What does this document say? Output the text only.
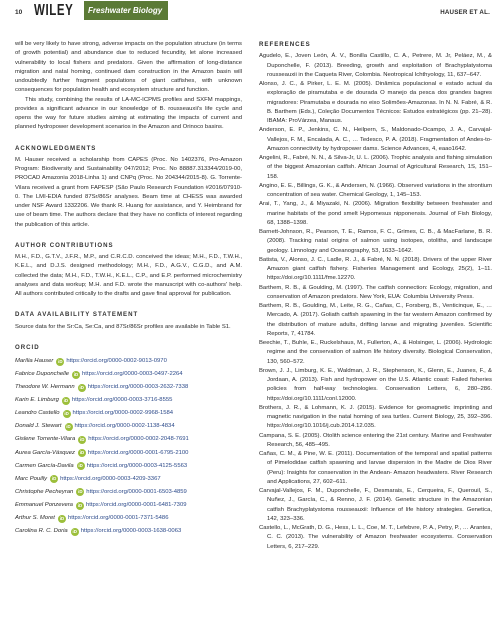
10 WILEY	Freshwater Biology	HAUSER ET AL.

will be very likely to have strong, adverse impacts on the population structure (in terms of growth potential) and abundance due to reduced fecundity, let alone increased vulnerability to local fishers and predators. Given the affirmation of long-distance migration and natal homing, continued dam construction in the Amazon basin will undoubtedly further fragment populations of giant catfishes, with unknown consequences for population health and ecosystem structure and function.

This study, combining the results of LA-MC-ICPMS profiles and SXFM mappings, provides a significant advance in our knowledge of B. rousseauxii's life cycle and opens the way for future studies aiming at estimating the impacts of current and planned hydropower development scenarios in the Amazon and Orinoco basins.

ACKNOWLEDGMENTS

M. Hauser received a scholarship from CAPES (Proc. No 1402376, Pro-Amazon Program: Biodiversity and Sustainability 047/2012; Proc. No 88887.313344/2019-00, PROCAD Amazonia 2018-Linha 1) and CNPq (Proc. No 204344/2015-8). G. Torrente-Vilara received a grant from FAPESP (São Paulo Research Foundation #2016/07910-0. The LMI-EDIA funded 87Sr/86Sr analyses. Beam time at CHESS was awarded under NSF Award 1332206. We thank R. Huang for assistance, and Y. Heimbrand for use of beam time. The authors declare that they have no conflicts of interest regarding the publication of this article.

AUTHOR CONTRIBUTIONS

M.H., F.D., G.T.V., J.F.R., M.P., and C.R.C.D. conceived the ideas; M.H., F.D., T.W.H., K.E.L., and D.J.S. designed methodology; M.H., F.D., A.G.V., C.G.D., and A.M. collected the data; M.H., F.D., T.W.H., K.E.L., C.P., and E.P. performed microchemistry analyses and data workup; M.H. and F.D. wrote the manuscript with co-authors' help. All authors contributed critically to the drafts and gave final approval for publication.

DATA AVAILABILITY STATEMENT

Source data for the Sr:Ca, Se:Ca, and 87Sr/86Sr profiles are available in Table S1.

ORCID
Marília Hauser	iD https://orcid.org/0000-0002-9013-0970
Fabrice Duponchelle	iD https://orcid.org/0000-0003-0497-2264
Theodore W. Hermann	iD https://orcid.org/0000-0003-2632-7338
Karin E. Limburg	iD https://orcid.org/0000-0003-3716-8555
Leandro Castello	iD https://orcid.org/0000-0002-9968-1584
Donald J. Stewart	iD https://orcid.org/0000-0002-1138-4834
Gislene Torrente-Vilara	iD https://orcid.org/0000-0002-2048-7691
Aurea García-Vásquez	iD https://orcid.org/0000-0001-6795-2100
Carmen García-Davila	iD https://orcid.org/0000-0003-4125-5563
Marc Pouilly	iD https://orcid.org/0000-0003-4209-3367
Christophe Pecheyran	iD https://orcid.org/0000-0001-6503-4859
Emmanuel Ponzevera	iD https://orcid.org/0000-0001-6481-7309
Arthur S. Moret	iD https://orcid.org/0000-0001-7371-5486
Carolina R. C. Doria	iD https://orcid.org/0000-0003-1638-0063
REFERENCES

Agudelo, E., Joven León, Á. V., Bonilla Castillo, C. A., Petrere, M. Jr, Peláez, M., & Duponchelle, F. (2013). Breeding, growth and exploitation of Brachyplatystoma rousseauxii in the Caqueta River, Colombia. Neotropical Ichthyology, 11, 637–647.

Alonso, J. C., & Pirker, L. E. M. (2005). Dinâmica populacional e estado actual da exploração de piramutaba e de dourada O manejo da pesca dos grandes bagres migradores: Piramutaba e dourada no eixo Solimões-Amazonas. In N. N. Fabré, & R. B. Barthem (Eds.), Coleção Documentos Técnicos: Estudos estratégicos (pp. 21–28). IBAMA: ProVárzea, Manaus.

Anderson, E. P., Jenkins, C. N., Heilpern, S., Maldonado-Ocampo, J. A., Carvajal-Vallejos, F. M., Encalada, A. C., … Tedesco, P. A. (2018). Fragmentation of Andes-to-Amazon connectivity by hydropower dams. Science Advances, 4, eaao1642.

Angelini, R., Fabré, N. N., & Silva-Jr, U. L. (2006). Trophic analysis and fishing simulation of the biggest Amazonian catfish. African Journal of Agricultural Research, 1S, 151–158.

Angino, E. E., Billings, G. K., & Andersen, N. (1966). Observed variations in the strontium concentration of sea water. Chemical Geology, 1, 145–153.

Arai, T., Yang, J., & Miyazaki, N. (2006). Migration flexibility between freshwater and marine habitats of the pond smelt Hypomesus nipponensis. Journal of Fish Biology, 68, 1388–1398.

Barnett-Johnson, R., Pearson, T. E., Ramos, F. C., Grimes, C. B., & MacFarlane, B. R. (2008). Tracking natal origins of salmon using isotopes, otoliths, and landscape geology. Limnology and Oceanography, 53, 1633–1642.

Batista, V., Alonso, J. C., Ladle, R. J., & Fabré, N. N. (2018). Drivers of the upper River Amazon giant catfish fishery. Fisheries Management and Ecology, 25(2), 1–11. https://doi.org/10.1111/fme.12270.

Barthem, R. B., & Goulding, M. (1997). The catfish connection: Ecology, migration, and conservation of Amazon predators. New York, EUA: Columbia University Press.

Barthem, R. B., Goulding, M., Leite, R. G., Cañas, C., Forsberg, B., Venticinque, E., … Mercado, A. (2017). Goliath catfish spawning in the far western Amazon confirmed by the distribution of mature adults, drifting larvae and migrating juveniles. Scientific Reports, 7, 41784.

Beechie, T., Buhle, E., Ruckelshaus, M., Fullerton, A., & Holsinger, L. (2006). Hydrologic regime and the conservation of salmon life history diversity. Biological Conservation, 130, 560–572.

Brown, J. J., Limburg, K. E., Waldman, J. R., Stephenson, K., Glenn, E., Juanes, F., & Jordaan, A. (2013). Fish and hydropower on the U.S. Atlantic coast: Failed fisheries policies from half-way technologies. Conservation Letters, 6, 280–286. https://doi.org/10.1111/conl.12000.

Brothers, J. R., & Lohmann, K. J. (2015). Evidence for geomagnetic imprinting and magnetic navigation in the natal homing of sea turtles. Current Biology, 25, 392–396. https://doi.org/10.1016/j.cub.2014.12.035.

Campana, S. E. (2005). Otolith science entering the 21st century. Marine and Freshwater Research, 56, 485–495.

Cañas, C. M., & Pine, W. E. (2011). Documentation of the temporal and spatial patterns of Pimelodidae catfish spawning and larvae dispersion in the Madre de Dios River (Peru): Insights for conservation in the Andean- Amazon headwaters. River Research and Applications, 27, 602–611.

Carvajal-Vallejos, F. M., Duponchelle, F., Desmarais, E., Cerqueira, F., Querouil, S., Nuñez, J., García, C., & Renno, J. F. (2014). Genetic structure in the Amazonian catfish Brachyplatystoma rousseauxii: Influence of life history strategies. Genetica, 142, 323–336.

Castello, L., McGrath, D. G., Hess, L. L., Coe, M. T., Lefebvre, P. A., Petry, P., … Arantes, C. C. (2013). The vulnerability of Amazon freshwater ecosystems. Conservation Letters, 6, 217–229.
